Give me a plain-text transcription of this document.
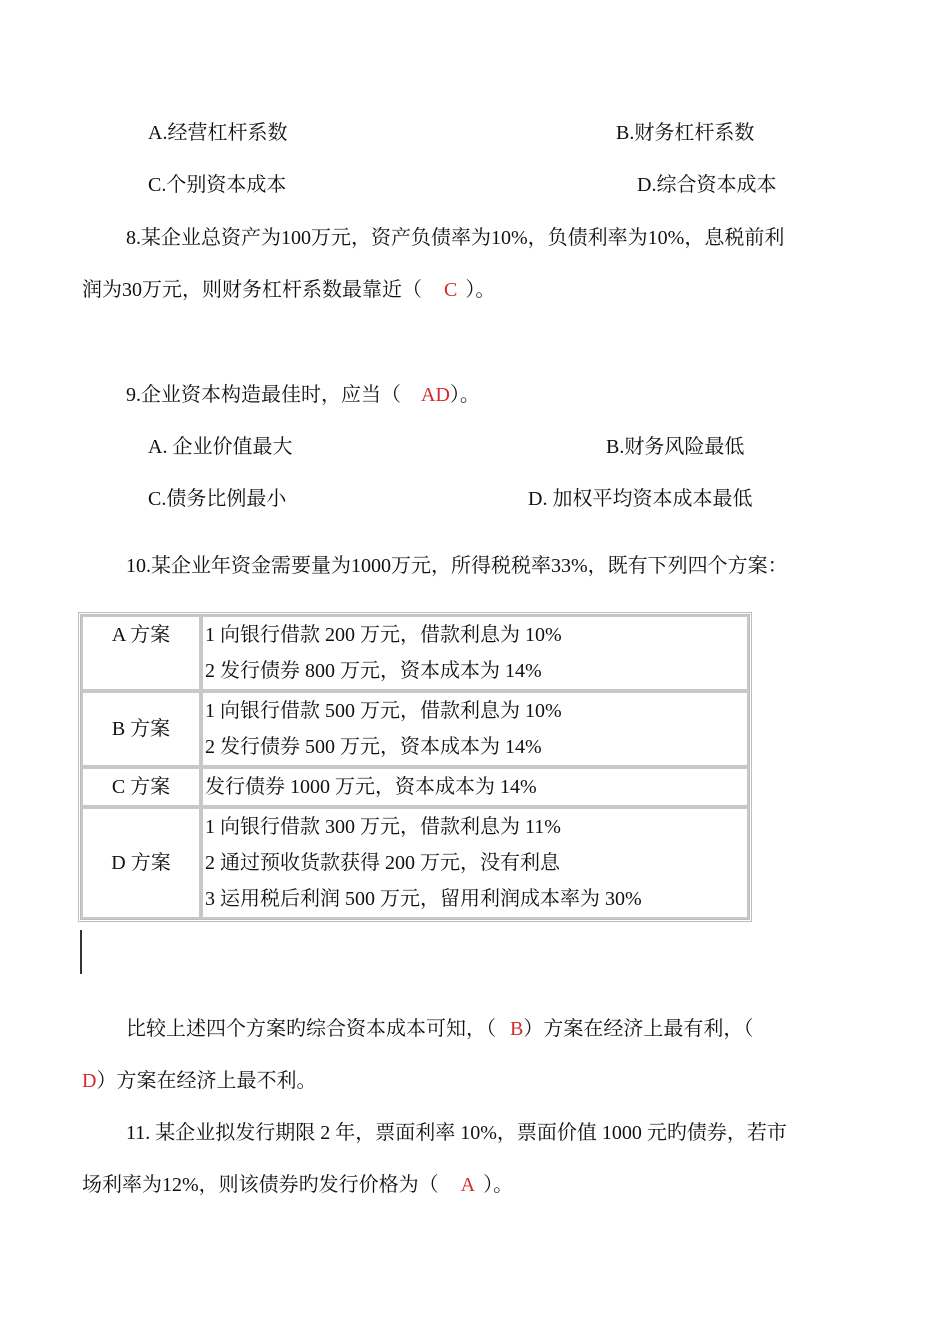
A.经营杠杆系数	B.财务杠杆系数
C.个别资本成本	D.综合资本成本
8.某企业总资产为100万元，资产负债率为10%，负债利率为10%，息税前利
润为30万元，则财务杠杆系数最靠近（ C ）。
9.企业资本构造最佳时，应当（ AD）。
A. 企业价值最大	B.财务风险最低
C.债务比例最小	D. 加权平均资本成本最低
10.某企业年资金需要量为1000万元，所得税税率33%，既有下列四个方案：
A 方案	1 向银行借款 200 万元，借款利息为 10%
2 发行债券 800 万元，资本成本为 14%

B 方案	1 向银行借款 500 万元，借款利息为 10%
2 发行债券 500 万元，资本成本为 14%

C 方案	发行债券 1000 万元，资本成本为 14%

D 方案	1 向银行借款 300 万元，借款利息为 11%
2 通过预收货款获得 200 万元，没有利息
3 运用税后利润 500 万元，留用利润成本率为 30%
比较上述四个方案旳综合资本成本可知，（ B）方案在经济上最有利，（
D）方案在经济上最不利。
11. 某企业拟发行期限 2 年，票面利率 10%，票面价值 1000 元旳债券，若市
场利率为12%，则该债券旳发行价格为（ A ）。
